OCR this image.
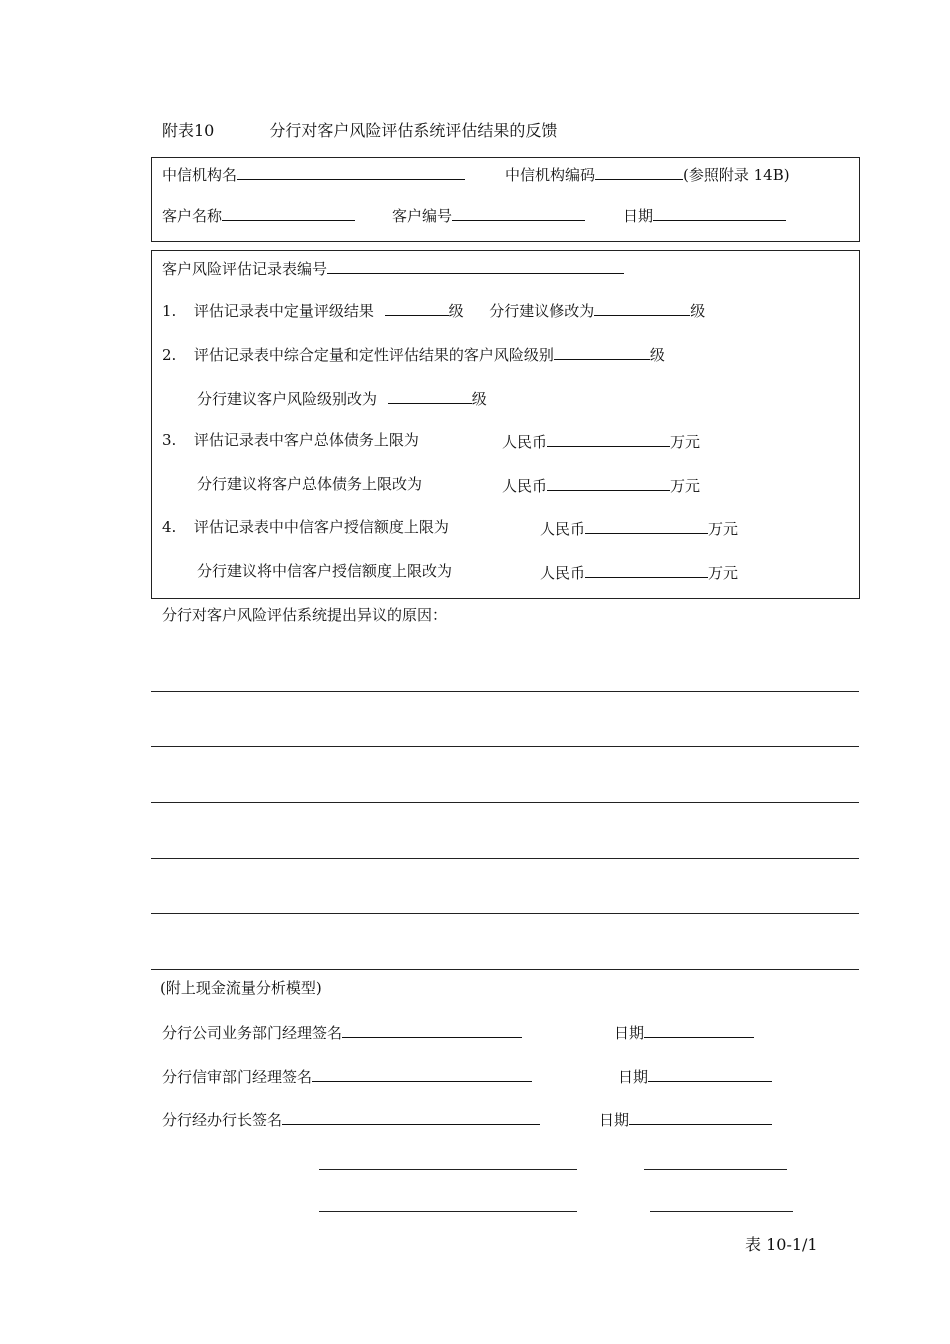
附表10	分行对客户风险评估系统评估结果的反馈
中信机构名	中信机构编码	(参照附录 14B)
客户名称	客户编号	日期
客户风险评估记录表编号
1. 评估记录表中定量评级结果	级 分行建议修改为	级
2. 评估记录表中综合定量和定性评估结果的客户风险级别	级
分行建议客户风险级别改为	级
3. 评估记录表中客户总体债务上限为	人民币	万元
分行建议将客户总体债务上限改为	人民币	万元
4. 评估记录表中中信客户授信额度上限为	人民币	万元
分行建议将中信客户授信额度上限改为	人民币	万元
分行对客户风险评估系统提出异议的原因：
(附上现金流量分析模型)
分行公司业务部门经理签名	日期
分行信审部门经理签名	日期
分行经办行长签名	日期
表 10-1/1
